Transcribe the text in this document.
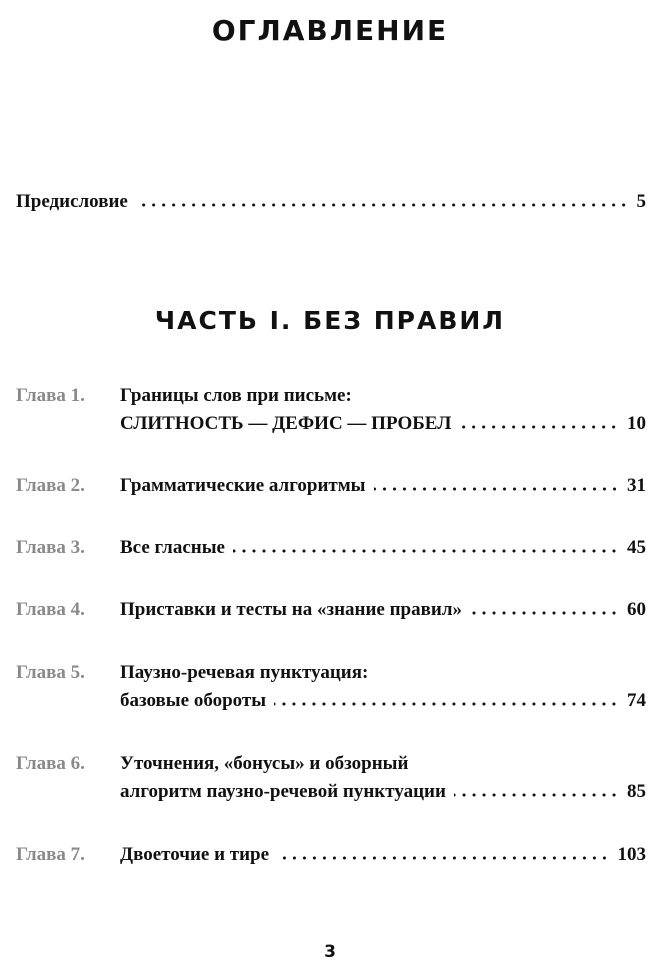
ОГЛАВЛЕНИЕ
Предисловие	5
ЧАСТЬ I. БЕЗ ПРАВИЛ
Глава 1.	Границы слов при письме:
СЛИТНОСТЬ — ДЕФИС — ПРОБЕЛ	10
Глава 2.	Грамматические алгоритмы	31
Глава 3.	Все гласные	45
Глава 4.	Приставки и тесты на «знание правил»	60
Глава 5.	Паузно-речевая пунктуация:
базовые обороты	74
Глава 6.	Уточнения, «бонусы» и обзорный
алгоритм паузно-речевой пунктуации	85
Глава 7.	Двоеточие и тире	103
3
